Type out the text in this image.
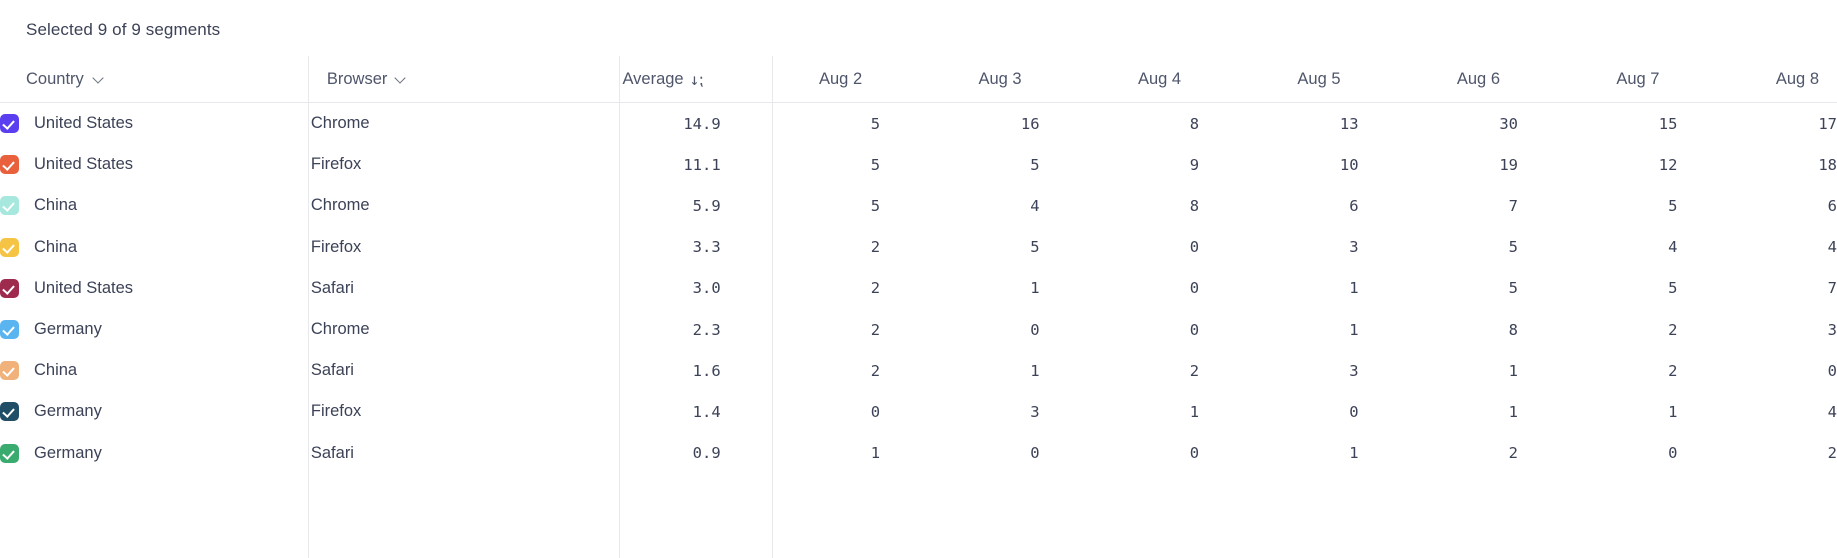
Selected 9 of 9 segments
Country	Browser	Average ↓⁏	Aug 2	Aug 3	Aug 4	Aug 5	Aug 6	Aug 7	Aug 8

United States	Chrome	14.9	5	16	8	13	30	15	17

United States	Firefox	11.1	5	5	9	10	19	12	18

China	Chrome	5.9	5	4	8	6	7	5	6

China	Firefox	3.3	2	5	0	3	5	4	4

United States	Safari	3.0	2	1	0	1	5	5	7

Germany	Chrome	2.3	2	0	0	1	8	2	3

China	Safari	1.6	2	1	2	3	1	2	0

Germany	Firefox	1.4	0	3	1	0	1	1	4

Germany	Safari	0.9	1	0	0	1	2	0	2
